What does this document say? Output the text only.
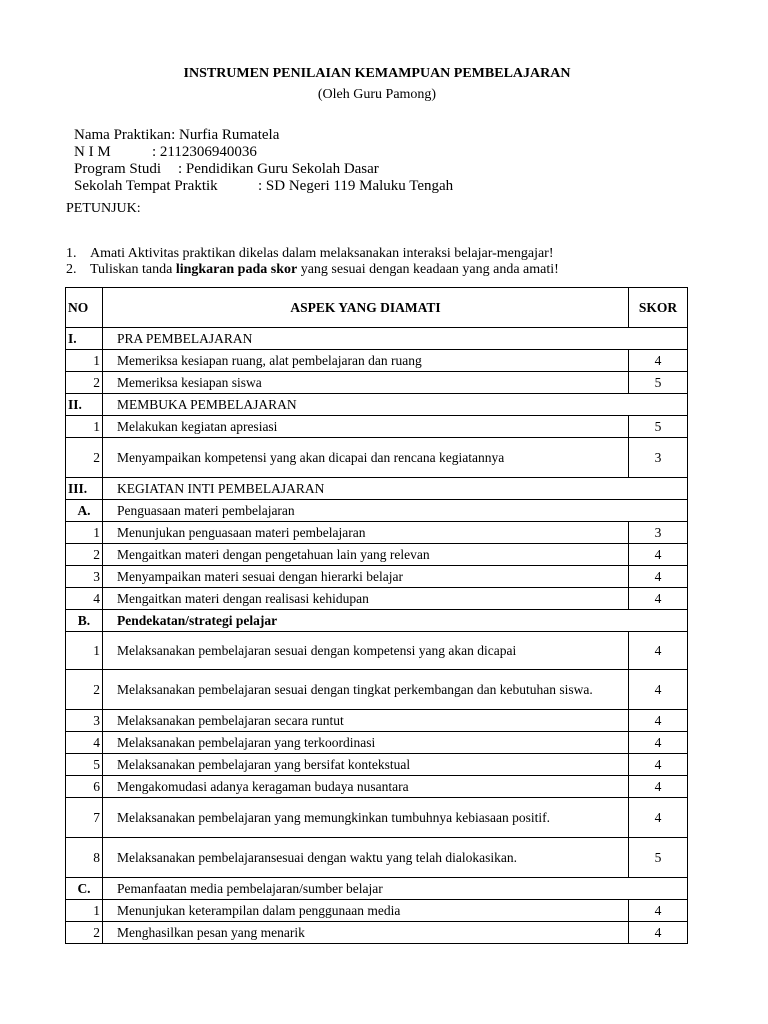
INSTRUMEN PENILAIAN KEMAMPUAN PEMBELAJARAN
(Oleh Guru Pamong)
Nama Praktikan: Nurfia Rumatela
N I M	: 2112306940036
Program Studi : Pendidikan Guru Sekolah Dasar
Sekolah Tempat Praktik	: SD Negeri 119 Maluku Tengah
PETUNJUK:
1. Amati Aktivitas praktikan dikelas dalam melaksanakan interaksi belajar-mengajar!
2. Tuliskan tanda lingkaran pada skor yang sesuai dengan keadaan yang anda amati!
NO	ASPEK YANG DIAMATI	SKOR
I.	PRA PEMBELAJARAN	
1	Memeriksa kesiapan ruang, alat pembelajaran dan ruang	4
2	Memeriksa kesiapan siswa	5
II.	MEMBUKA PEMBELAJARAN	
1	Melakukan kegiatan apresiasi	5
2	Menyampaikan kompetensi yang akan dicapai dan rencana kegiatannya	3
III.	KEGIATAN INTI PEMBELAJARAN	
A.	Penguasaan materi pembelajaran	
1	Menunjukan penguasaan materi pembelajaran	3
2	Mengaitkan materi dengan pengetahuan lain yang relevan	4
3	Menyampaikan materi sesuai dengan hierarki belajar	4
4	Mengaitkan materi dengan realisasi kehidupan	4
B.	Pendekatan/strategi pelajar	
1	Melaksanakan pembelajaran sesuai dengan kompetensi yang akan dicapai	4
2	Melaksanakan pembelajaran sesuai dengan tingkat perkembangan dan kebutuhan siswa.	4
3	Melaksanakan pembelajaran secara runtut	4
4	Melaksanakan pembelajaran yang terkoordinasi	4
5	Melaksanakan pembelajaran yang bersifat kontekstual	4
6	Mengakomudasi adanya keragaman budaya nusantara	4
7	Melaksanakan pembelajaran yang memungkinkan tumbuhnya kebiasaan positif.	4
8	Melaksanakan pembelajaransesuai dengan waktu yang telah dialokasikan.	5
C.	Pemanfaatan media pembelajaran/sumber belajar	
1	Menunjukan keterampilan dalam penggunaan media	4
2	Menghasilkan pesan yang menarik	4
